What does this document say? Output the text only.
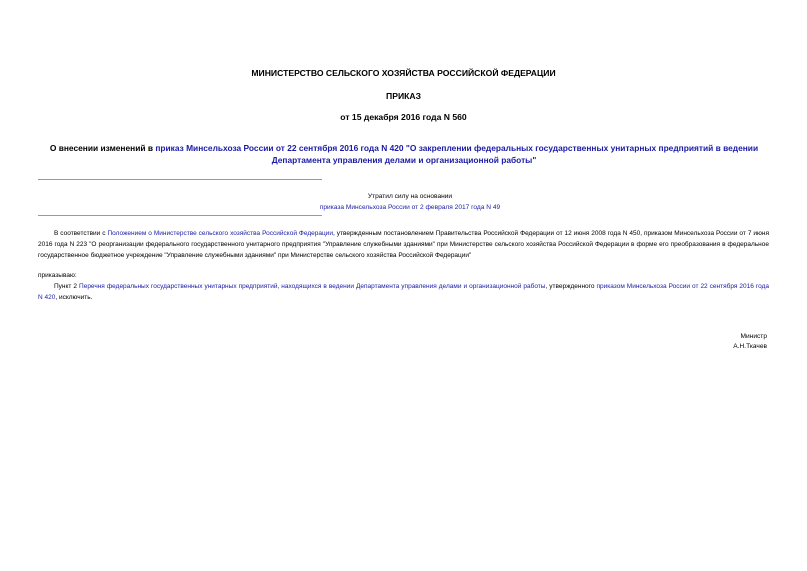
МИНИСТЕРСТВО СЕЛЬСКОГО ХОЗЯЙСТВА РОССИЙСКОЙ ФЕДЕРАЦИИ
ПРИКАЗ
от 15 декабря 2016 года N 560
О внесении изменений в приказ Минсельхоза России от 22 сентября 2016 года N 420 "О закреплении федеральных государственных унитарных предприятий в ведении Департамента управления делами и организационной работы"
Утратил силу на основании
приказа Минсельхоза России от 2 февраля 2017 года N 49
В соответствии с Положением о Министерстве сельского хозяйства Российской Федерации, утвержденным постановлением Правительства Российской Федерации от 12 июня 2008 года N 450, приказом Минсельхоза России от 7 июня 2016 года N 223 "О реорганизации федерального государственного унитарного предприятия "Управление служебными зданиями" при Министерстве сельского хозяйства Российской Федерации в форме его преобразования в федеральное государственное бюджетное учреждение "Управление служебными зданиями" при Министерстве сельского хозяйства Российской Федерации"
приказываю:
Пункт 2 Перечня федеральных государственных унитарных предприятий, находящихся в ведении Департамента управления делами и организационной работы, утвержденного приказом Минсельхоза России от 22 сентября 2016 года N 420, исключить.
Министр
А.Н.Ткачев
